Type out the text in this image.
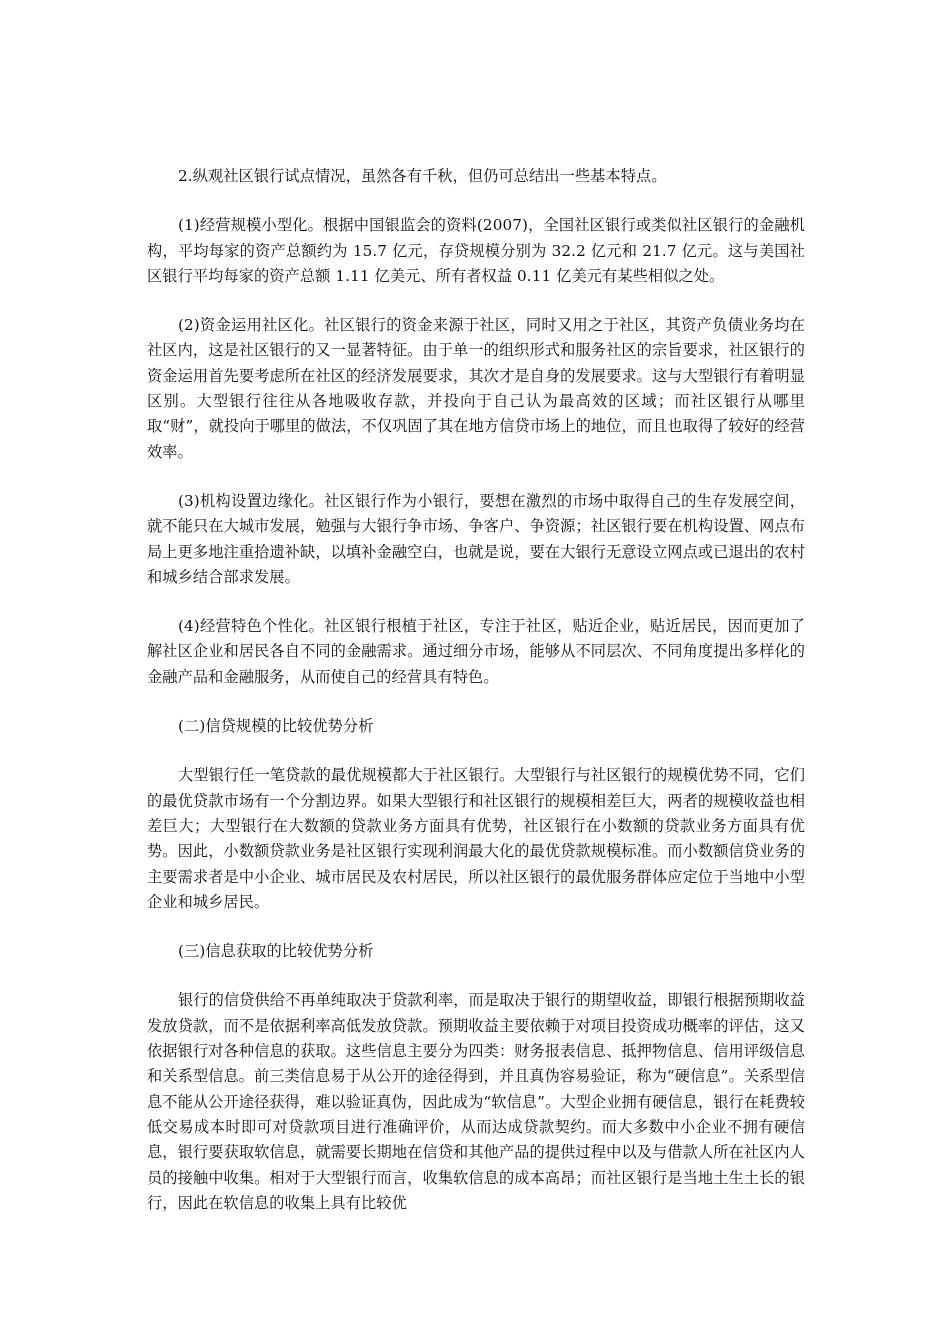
2.纵观社区银行试点情况，虽然各有千秋，但仍可总结出一些基本特点。

(1)经营规模小型化。根据中国银监会的资料(2007)，全国社区银行或类似社区银行的金融机构，平均每家的资产总额约为 15.7 亿元，存贷规模分别为 32.2 亿元和 21.7 亿元。这与美国社区银行平均每家的资产总额 1.11 亿美元、所有者权益 0.11 亿美元有某些相似之处。

(2)资金运用社区化。社区银行的资金来源于社区，同时又用之于社区，其资产负债业务均在社区内，这是社区银行的又一显著特征。由于单一的组织形式和服务社区的宗旨要求，社区银行的资金运用首先要考虑所在社区的经济发展要求，其次才是自身的发展要求。这与大型银行有着明显区别。大型银行往往从各地吸收存款，并投向于自己认为最高效的区域；而社区银行从哪里取“财”，就投向于哪里的做法，不仅巩固了其在地方信贷市场上的地位，而且也取得了较好的经营效率。

(3)机构设置边缘化。社区银行作为小银行，要想在激烈的市场中取得自己的生存发展空间，就不能只在大城市发展，勉强与大银行争市场、争客户、争资源；社区银行要在机构设置、网点布局上更多地注重拾遗补缺，以填补金融空白，也就是说，要在大银行无意设立网点或已退出的农村和城乡结合部求发展。

(4)经营特色个性化。社区银行根植于社区，专注于社区，贴近企业，贴近居民，因而更加了解社区企业和居民各自不同的金融需求。通过细分市场，能够从不同层次、不同角度提出多样化的金融产品和金融服务，从而使自己的经营具有特色。

(二)信贷规模的比较优势分析

大型银行任一笔贷款的最优规模都大于社区银行。大型银行与社区银行的规模优势不同，它们的最优贷款市场有一个分割边界。如果大型银行和社区银行的规模相差巨大，两者的规模收益也相差巨大；大型银行在大数额的贷款业务方面具有优势，社区银行在小数额的贷款业务方面具有优势。因此，小数额贷款业务是社区银行实现利润最大化的最优贷款规模标准。而小数额信贷业务的主要需求者是中小企业、城市居民及农村居民，所以社区银行的最优服务群体应定位于当地中小型企业和城乡居民。

(三)信息获取的比较优势分析

银行的信贷供给不再单纯取决于贷款利率，而是取决于银行的期望收益，即银行根据预期收益发放贷款，而不是依据利率高低发放贷款。预期收益主要依赖于对项目投资成功概率的评估，这又依据银行对各种信息的获取。这些信息主要分为四类：财务报表信息、抵押物信息、信用评级信息和关系型信息。前三类信息易于从公开的途径得到，并且真伪容易验证，称为“硬信息”。关系型信息不能从公开途径获得，难以验证真伪，因此成为“软信息”。大型企业拥有硬信息，银行在耗费较低交易成本时即可对贷款项目进行准确评价，从而达成贷款契约。而大多数中小企业不拥有硬信息，银行要获取软信息，就需要长期地在信贷和其他产品的提供过程中以及与借款人所在社区内人员的接触中收集。相对于大型银行而言，收集软信息的成本高昂；而社区银行是当地土生土长的银行，因此在软信息的收集上具有比较优
